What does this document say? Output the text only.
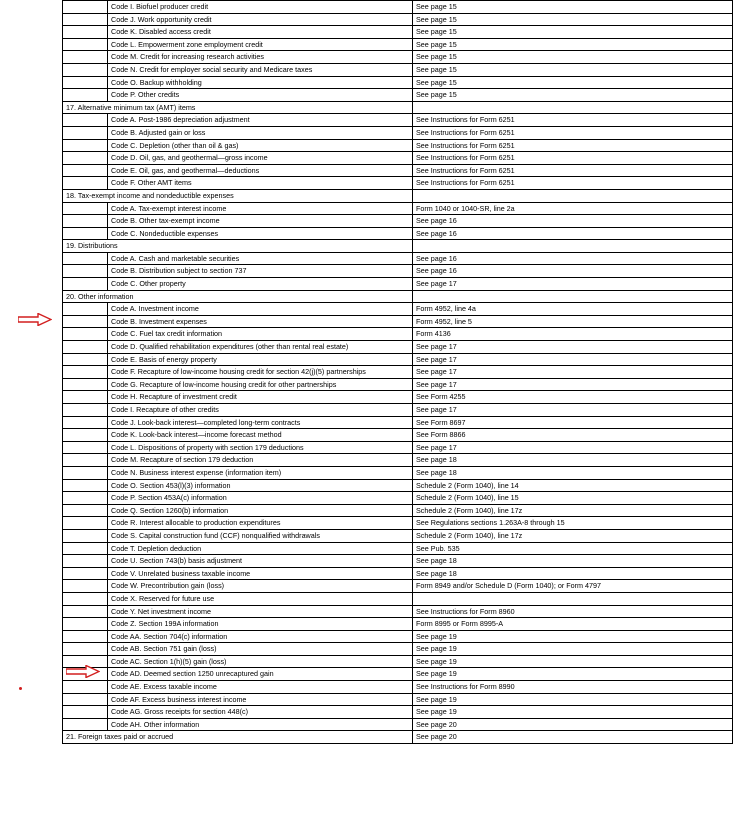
	Code I. Biofuel producer credit	See page 15
	Code J. Work opportunity credit	See page 15
	Code K. Disabled access credit	See page 15
	Code L. Empowerment zone employment credit	See page 15
	Code M. Credit for increasing research activities	See page 15
	Code N. Credit for employer social security and Medicare taxes	See page 15
	Code O. Backup withholding	See page 15
	Code P. Other credits	See page 15
17. Alternative minimum tax (AMT) items		
	Code A. Post-1986 depreciation adjustment	See Instructions for Form 6251
	Code B. Adjusted gain or loss	See Instructions for Form 6251
	Code C. Depletion (other than oil & gas)	See Instructions for Form 6251
	Code D. Oil, gas, and geothermal—gross income	See Instructions for Form 6251
	Code E. Oil, gas, and geothermal—deductions	See Instructions for Form 6251
	Code F. Other AMT items	See Instructions for Form 6251
18. Tax-exempt income and nondeductible expenses		
	Code A. Tax-exempt interest income	Form 1040 or 1040-SR, line 2a
	Code B. Other tax-exempt income	See page 16
	Code C. Nondeductible expenses	See page 16
19. Distributions		
	Code A. Cash and marketable securities	See page 16
	Code B. Distribution subject to section 737	See page 16
	Code C. Other property	See page 17
20. Other information		
	Code A. Investment income	Form 4952, line 4a
	Code B. Investment expenses	Form 4952, line 5
	Code C. Fuel tax credit information	Form 4136
	Code D. Qualified rehabilitation expenditures (other than rental real estate)	See page 17
	Code E. Basis of energy property	See page 17
	Code F. Recapture of low-income housing credit for section 42(j)(5) partnerships	See page 17
	Code G. Recapture of low-income housing credit for other partnerships	See page 17
	Code H. Recapture of investment credit	See Form 4255
	Code I. Recapture of other credits	See page 17
	Code J. Look-back interest—completed long-term contracts	See Form 8697
	Code K. Look-back interest—income forecast method	See Form 8866
	Code L. Dispositions of property with section 179 deductions	See page 17
	Code M. Recapture of section 179 deduction	See page 18
	Code N. Business interest expense (information item)	See page 18
	Code O. Section 453(l)(3) information	Schedule 2 (Form 1040), line 14
	Code P. Section 453A(c) information	Schedule 2 (Form 1040), line 15
	Code Q. Section 1260(b) information	Schedule 2 (Form 1040), line 17z
	Code R. Interest allocable to production expenditures	See Regulations sections 1.263A-8 through 15
	Code S. Capital construction fund (CCF) nonqualified withdrawals	Schedule 2 (Form 1040), line 17z
	Code T. Depletion deduction	See Pub. 535
	Code U. Section 743(b) basis adjustment	See page 18
	Code V. Unrelated business taxable income	See page 18
	Code W. Precontribution gain (loss)	Form 8949 and/or Schedule D (Form 1040); or Form 4797
	Code X. Reserved for future use	
	Code Y. Net investment income	See Instructions for Form 8960
	Code Z. Section 199A information	Form 8995 or Form 8995-A
	Code AA. Section 704(c) information	See page 19
	Code AB. Section 751 gain (loss)	See page 19
	Code AC. Section 1(h)(5) gain (loss)	See page 19
	Code AD. Deemed section 1250 unrecaptured gain	See page 19
	Code AE. Excess taxable income	See Instructions for Form 8990
	Code AF. Excess business interest income	See page 19
	Code AG. Gross receipts for section 448(c)	See page 19
	Code AH. Other information	See page 20
21. Foreign taxes paid or accrued		See page 20
